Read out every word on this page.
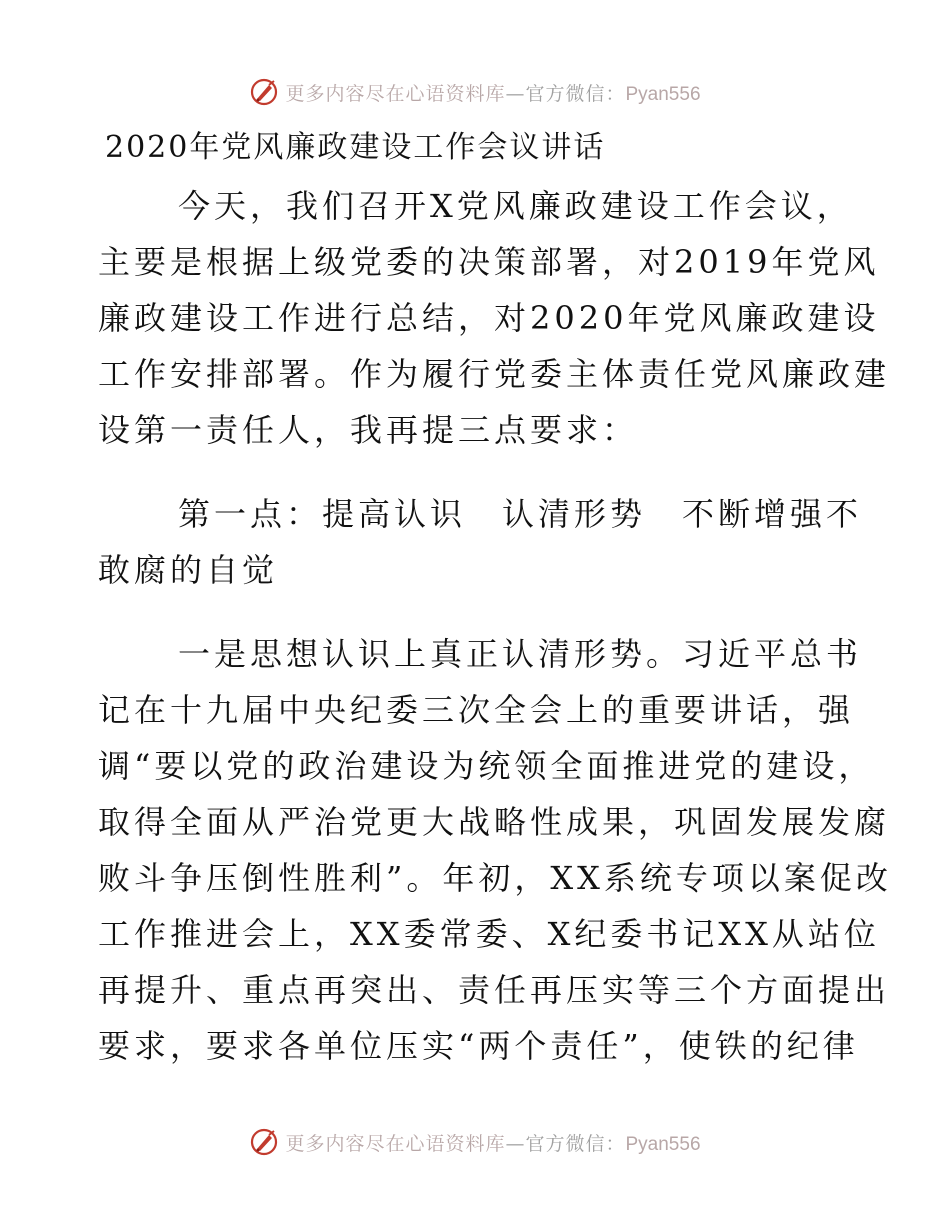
更多内容尽在心语资料库—官方微信：Pyan556
2020年党风廉政建设工作会议讲话
今天，我们召开X党风廉政建设工作会议，
主要是根据上级党委的决策部署，对2019年党风
廉政建设工作进行总结，对2020年党风廉政建设
工作安排部署。作为履行党委主体责任党风廉政建
设第一责任人，我再提三点要求：
第一点：提高认识　认清形势　不断增强不
敢腐的自觉
一是思想认识上真正认清形势。习近平总书
记在十九届中央纪委三次全会上的重要讲话，强
调“要以党的政治建设为统领全面推进党的建设，
取得全面从严治党更大战略性成果，巩固发展发腐
败斗争压倒性胜利”。年初，XX系统专项以案促改
工作推进会上，XX委常委、X纪委书记XX从站位
再提升、重点再突出、责任再压实等三个方面提出
要求，要求各单位压实“两个责任”，使铁的纪律
更多内容尽在心语资料库—官方微信：Pyan556
